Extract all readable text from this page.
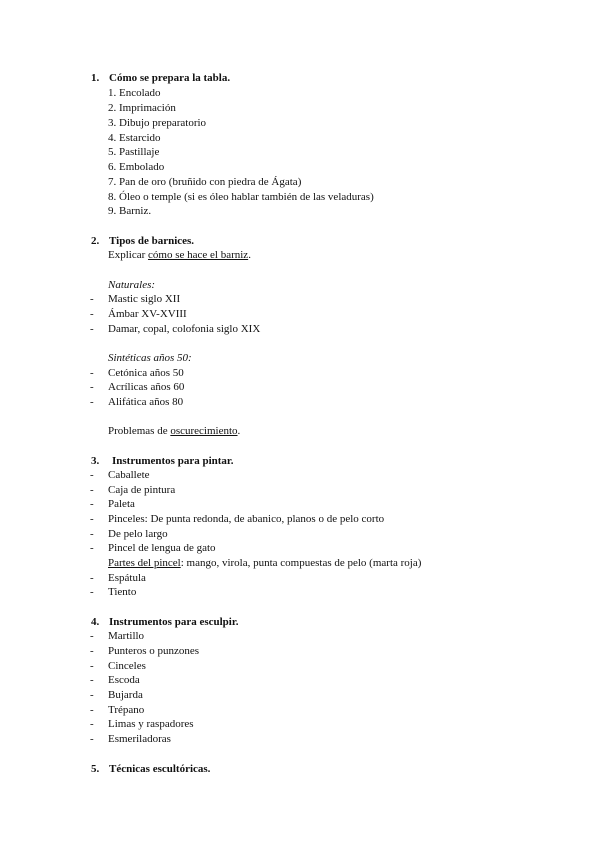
1. Cómo se prepara la tabla.
1. Encolado
2. Imprimación
3. Dibujo preparatorio
4. Estarcido
5. Pastillaje
6. Embolado
7. Pan de oro (bruñido con piedra de Ágata)
8. Óleo o temple (si es óleo hablar también de las veladuras)
9. Barniz.
2. Tipos de barnices.
Explicar cómo se hace el barniz.
Naturales:
- Mastic siglo XII
- Ámbar XV-XVIII
- Damar, copal, colofonia siglo XIX
Sintéticas años 50:
- Cetónica años 50
- Acrílicas años 60
- Alifática años 80
Problemas de oscurecimiento.
3. Instrumentos para pintar.
- Caballete
- Caja de pintura
- Paleta
- Pinceles: De punta redonda, de abanico, planos o de pelo corto
- De pelo largo
- Pincel de lengua de gato
Partes del pincel: mango, virola, punta compuestas de pelo (marta roja)
- Espátula
- Tiento
4. Instrumentos para esculpir.
- Martillo
- Punteros o punzones
- Cinceles
- Escoda
- Bujarda
- Trépano
- Limas y raspadores
- Esmeriladoras
5. Técnicas escultóricas.
